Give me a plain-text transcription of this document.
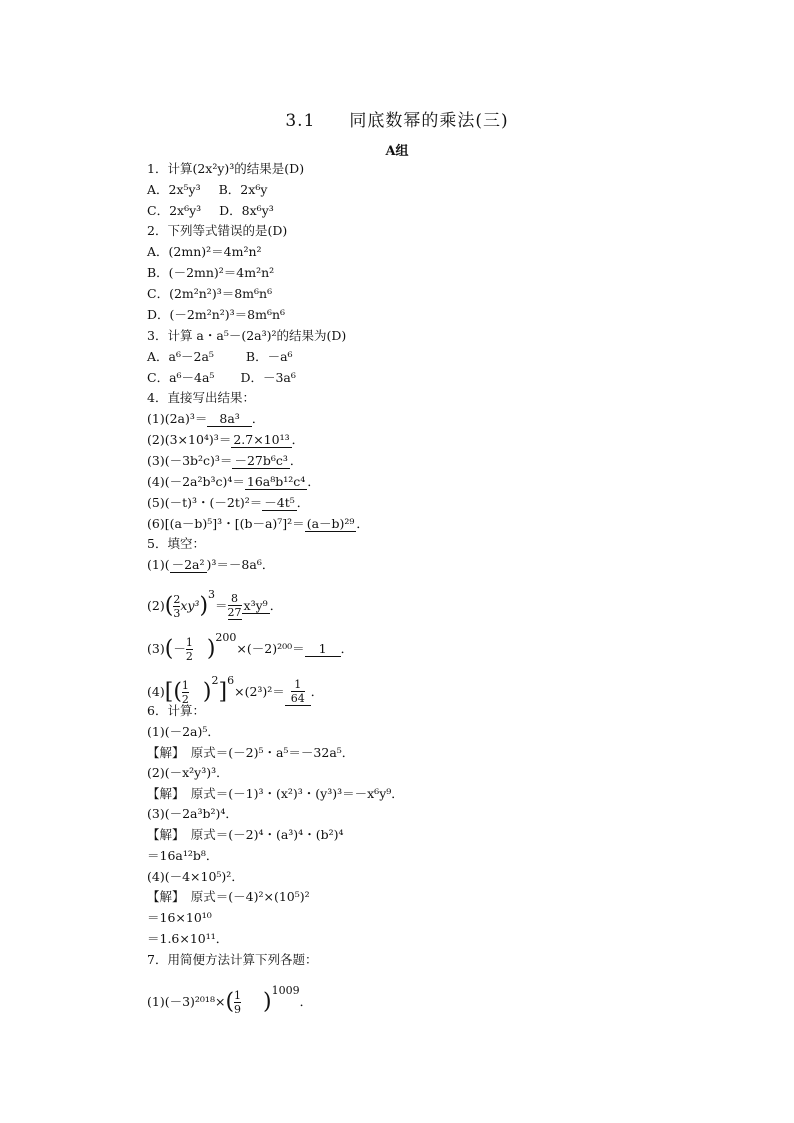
3.1 同底数幂的乘法(三)
A组
1．计算(2x²y)³的结果是(D)
A．2x⁵y³ B．2x⁶y
C．2x⁶y³ D．8x⁶y³
2．下列等式错误的是(D)
A．(2mn)²＝4m²n²
B．(－2mn)²＝4m²n²
C．(2m²n²)³＝8m⁶n⁶
D．(－2m²n²)³＝8m⁶n⁶
3．计算 a・a⁵－(2a³)²的结果为(D)
A．a⁶－2a⁵	B．－a⁶
C．a⁶－4a⁵ D．－3a⁶
4．直接写出结果：
(1)(2a)³＝ 8a³ ．
(2)(3×10⁴)³＝ 2.7×10¹³ ．
(3)(－3b²c)³＝ －27b⁶c³ ．
(4)(－2a²b³c)⁴＝ 16a⁸b¹²c⁴ ．
(5)(－t)³・(－2t)²＝ －4t⁵ ．
(6)[(a－b)⁵]³・[(b－a)⁷]²＝ (a－b)²⁹ ．
5．填空：
(1)( －2a² )³＝－8a⁶．
$(2)( \frac{2}{3} xy^3)3= \frac{8}{27} x^3y^9$ ．
$(3)(- \frac{1}{2} )200\times(-2)^{200}= 1$ ．
$(4)[( \frac{1}{2} )2]6\times(2^3)^2= \frac{1}{64}$ ．
6．计算：
(1)(－2a)⁵．
【解】　原式＝(－2)⁵・a⁵＝－32a⁵．
(2)(－x²y³)³．
【解】　原式＝(－1)³・(x²)³・(y³)³＝－x⁶y⁹．
(3)(－2a³b²)⁴．
【解】　原式＝(－2)⁴・(a³)⁴・(b²)⁴
＝16a¹²b⁸．
(4)(－4×10⁵)²．
【解】　原式＝(－4)²×(10⁵)²
＝16×10¹⁰
＝1.6×10¹¹．
7．用简便方法计算下列各题：
$(1)(-3)^{2018}\times( \frac{1}{9} )1009$．
